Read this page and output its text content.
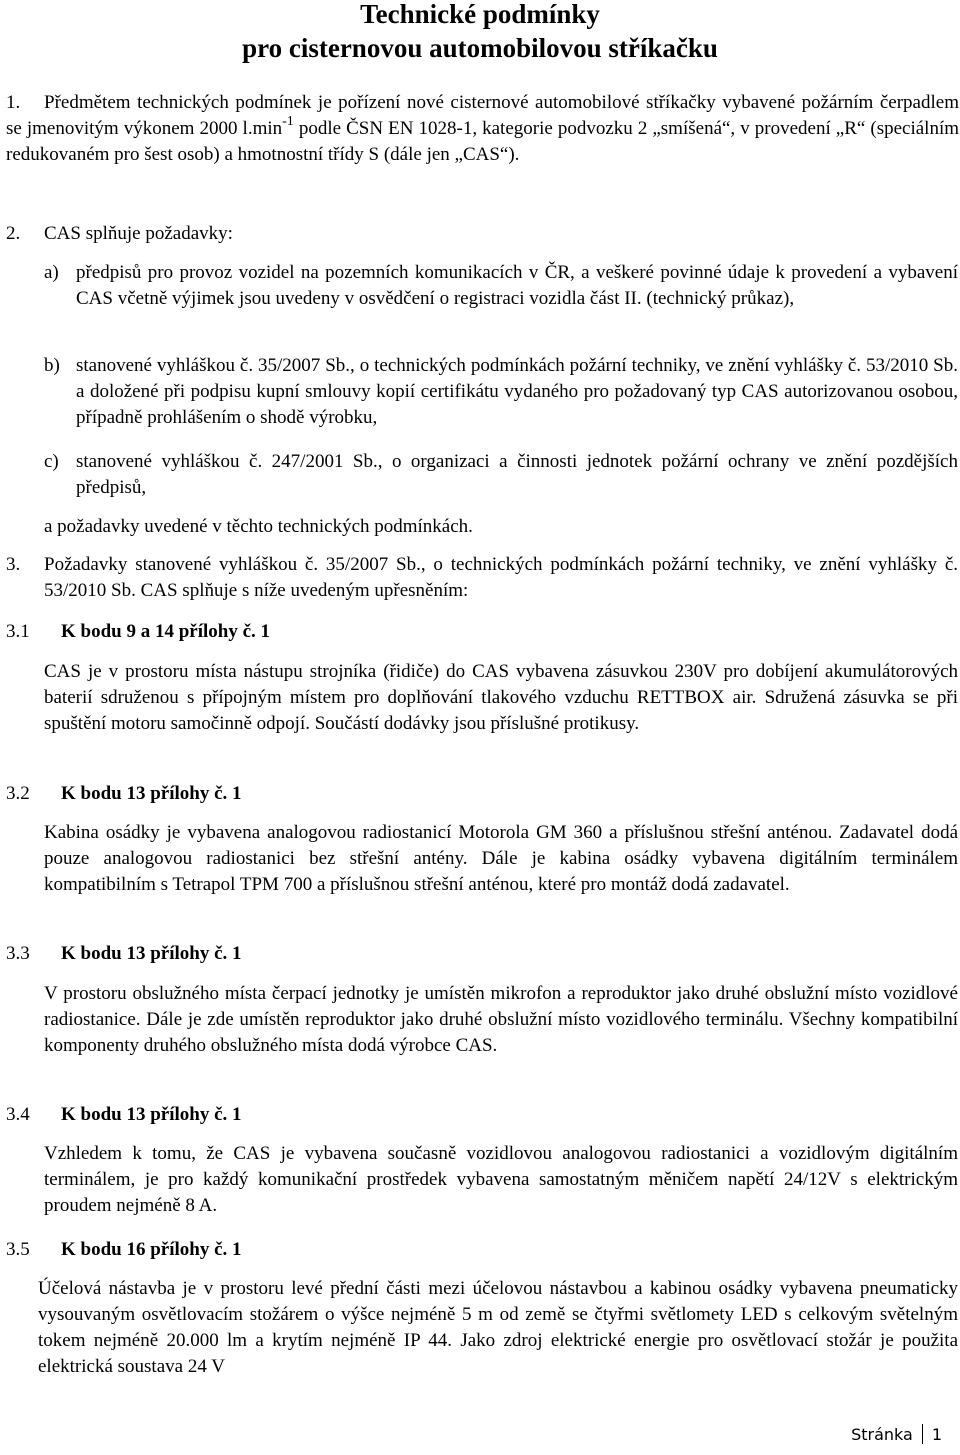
Technické podmínky
pro cisternovou automobilovou stříkačku
1.	Předmětem technických podmínek je pořízení nové cisternové automobilové stříkačky vybavené požárním čerpadlem se jmenovitým výkonem 2000 $l.\min^{-1}$ podle ČSN EN 1028-1, kategorie podvozku 2 „smíšená“, v provedení „R“ (speciálním redukovaném pro šest osob) a hmotnostní třídy S (dále jen „CAS“).
2. CAS splňuje požadavky:
a) předpisů pro provoz vozidel na pozemních komunikacích v ČR, a veškeré povinné údaje k provedení a vybavení CAS včetně výjimek jsou uvedeny v osvědčení o registraci vozidla část II. (technický průkaz),
b) stanovené vyhláškou č. 35/2007 Sb., o technických podmínkách požární techniky, ve znění vyhlášky č. 53/2010 Sb. a doložené při podpisu kupní smlouvy kopií certifikátu vydaného pro požadovaný typ CAS autorizovanou osobou, případně prohlášením o shodě výrobku,
c) stanovené vyhláškou č. 247/2001 Sb., o organizaci a činnosti jednotek požární ochrany ve znění pozdějších předpisů,
a požadavky uvedené v těchto technických podmínkách.
3. Požadavky stanovené vyhláškou č. 35/2007 Sb., o technických podmínkách požární techniky, ve znění vyhlášky č. 53/2010 Sb. CAS splňuje s níže uvedeným upřesněním:
3.1 K bodu 9 a 14 přílohy č. 1
CAS je v prostoru místa nástupu strojníka (řidiče) do CAS vybavena zásuvkou 230V pro dobíjení akumulátorových baterií sdruženou s přípojným místem pro doplňování tlakového vzduchu RETTBOX air. Sdružená zásuvka se při spuštění motoru samočinně odpojí. Součástí dodávky jsou příslušné protikusy.
3.2 K bodu 13 přílohy č. 1
Kabina osádky je vybavena analogovou radiostanicí Motorola GM 360 a příslušnou střešní anténou. Zadavatel dodá pouze analogovou radiostanici bez střešní antény. Dále je kabina osádky vybavena digitálním terminálem kompatibilním s Tetrapol TPM 700 a příslušnou střešní anténou, které pro montáž dodá zadavatel.
3.3 K bodu 13 přílohy č. 1
V prostoru obslužného místa čerpací jednotky je umístěn mikrofon a reproduktor jako druhé obslužní místo vozidlové radiostanice. Dále je zde umístěn reproduktor jako druhé obslužní místo vozidlového terminálu. Všechny kompatibilní komponenty druhého obslužného místa dodá výrobce CAS.
3.4 K bodu 13 přílohy č. 1
Vzhledem k tomu, že CAS je vybavena současně vozidlovou analogovou radiostanici a vozidlovým digitálním terminálem, je pro každý komunikační prostředek vybavena samostatným měničem napětí 24/12V s elektrickým proudem nejméně 8 A.
3.5 K bodu 16 přílohy č. 1
Účelová nástavba je v prostoru levé přední části mezi účelovou nástavbou a kabinou osádky vybavena pneumaticky vysouvaným osvětlovacím stožárem o výšce nejméně 5 m od země se čtyřmi světlomety LED s celkovým světelným tokem nejméně 20.000 lm a krytím nejméně IP 44. Jako zdroj elektrické energie pro osvětlovací stožár je použita elektrická soustava 24 V
Stránka 1
